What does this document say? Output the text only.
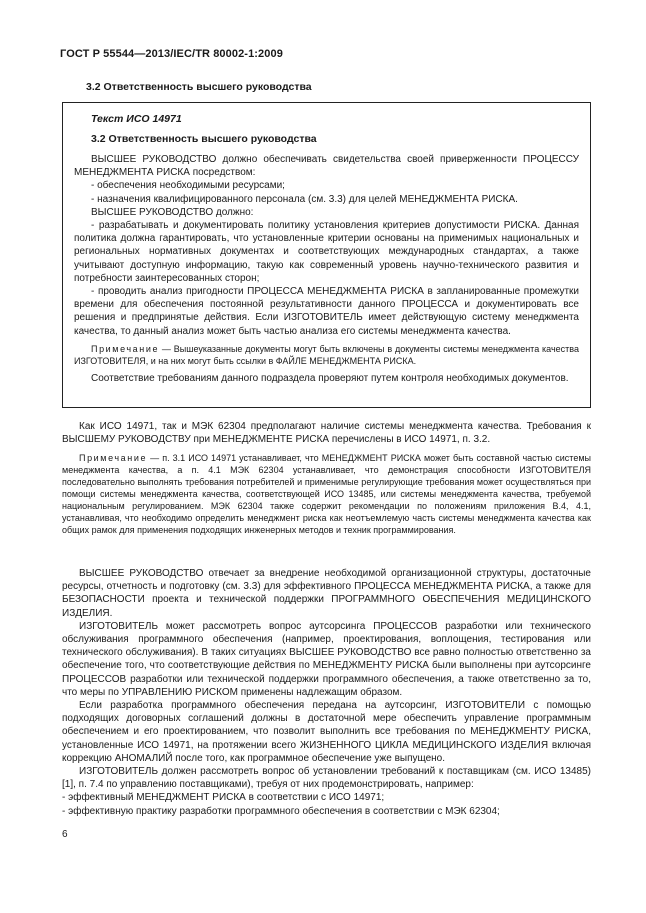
ГОСТ Р 55544—2013/IEC/TR 80002-1:2009
3.2 Ответственность высшего руководства
Текст ИСО 14971
3.2 Ответственность высшего руководства

ВЫСШЕЕ РУКОВОДСТВО должно обеспечивать свидетельства своей приверженности ПРОЦЕССУ МЕНЕДЖМЕНТА РИСКА посредством:

- обеспечения необходимыми ресурсами;

- назначения квалифицированного персонала (см. 3.3) для целей МЕНЕДЖМЕНТА РИСКА.

ВЫСШЕЕ РУКОВОДСТВО должно:

- разрабатывать и документировать политику установления критериев допустимости РИСКА. Данная политика должна гарантировать, что установленные критерии основаны на применимых национальных и региональных нормативных документах и соответствующих международных стандартах, а также учитывают доступную информацию, такую как современный уровень научно-технического развития и потребности заинтересованных сторон;

- проводить анализ пригодности ПРОЦЕССА МЕНЕДЖМЕНТА РИСКА в запланированные промежутки времени для обеспечения постоянной результативности данного ПРОЦЕССА и документировать все решения и предпринятые действия. Если ИЗГОТОВИТЕЛЬ имеет действующую систему менеджмента качества, то данный анализ может быть частью анализа его системы менеджмента качества.

Примечание — Вышеуказанные документы могут быть включены в документы системы менеджмента качества ИЗГОТОВИТЕЛЯ, и на них могут быть ссылки в ФАЙЛЕ МЕНЕДЖМЕНТА РИСКА.

Соответствие требованиям данного подраздела проверяют путем контроля необходимых документов.

Как ИСО 14971, так и МЭК 62304 предполагают наличие системы менеджмента качества. Требования к ВЫСШЕМУ РУКОВОДСТВУ при МЕНЕДЖМЕНТЕ РИСКА перечислены в ИСО 14971, п. 3.2.

Примечание — п. 3.1 ИСО 14971 устанавливает, что МЕНЕДЖМЕНТ РИСКА может быть составной частью системы менеджмента качества, а п. 4.1 МЭК 62304 устанавливает, что демонстрация способности ИЗГОТОВИТЕЛЯ последовательно выполнять требования потребителей и применимые регулирующие требования может осуществляться при помощи системы менеджмента качества, соответствующей ИСО 13485, или системы менеджмента качества, требуемой национальным регулированием. МЭК 62304 также содержит рекомендации по положениям приложения В.4, 4.1, устанавливая, что необходимо определить менеджмент риска как неотъемлемую часть системы менеджмента качества как общих рамок для применения подходящих инженерных методов и техник программирования.

ВЫСШЕЕ РУКОВОДСТВО отвечает за внедрение необходимой организационной структуры, достаточные ресурсы, отчетность и подготовку (см. 3.3) для эффективного ПРОЦЕССА МЕНЕДЖМЕНТА РИСКА, а также для БЕЗОПАСНОСТИ проекта и технической поддержки ПРОГРАММНОГО ОБЕСПЕЧЕНИЯ МЕДИЦИНСКОГО ИЗДЕЛИЯ.

ИЗГОТОВИТЕЛЬ может рассмотреть вопрос аутсорсинга ПРОЦЕССОВ разработки или технического обслуживания программного обеспечения (например, проектирования, воплощения, тестирования или технического обслуживания). В таких ситуациях ВЫСШЕЕ РУКОВОДСТВО все равно полностью ответственно за обеспечение того, что соответствующие действия по МЕНЕДЖМЕНТУ РИСКА были выполнены при аутсорсинге ПРОЦЕССОВ разработки или технической поддержки программного обеспечения, а также ответственно за то, что меры по УПРАВЛЕНИЮ РИСКОМ применены надлежащим образом.

Если разработка программного обеспечения передана на аутсорсинг, ИЗГОТОВИТЕЛИ с помощью подходящих договорных соглашений должны в достаточной мере обеспечить управление программным обеспечением и его проектированием, что позволит выполнить все требования по МЕНЕДЖМЕНТУ РИСКА, установленные ИСО 14971, на протяжении всего ЖИЗНЕННОГО ЦИКЛА МЕДИЦИНСКОГО ИЗДЕЛИЯ включая коррекцию АНОМАЛИЙ после того, как программное обеспечение уже выпущено.

ИЗГОТОВИТЕЛЬ должен рассмотреть вопрос об установлении требований к поставщикам (см. ИСО 13485) [1], п. 7.4 по управлению поставщиками), требуя от них продемонстрировать, например:

- эффективный МЕНЕДЖМЕНТ РИСКА в соответствии с ИСО 14971;

- эффективную практику разработки программного обеспечения в соответствии с МЭК 62304;

6
